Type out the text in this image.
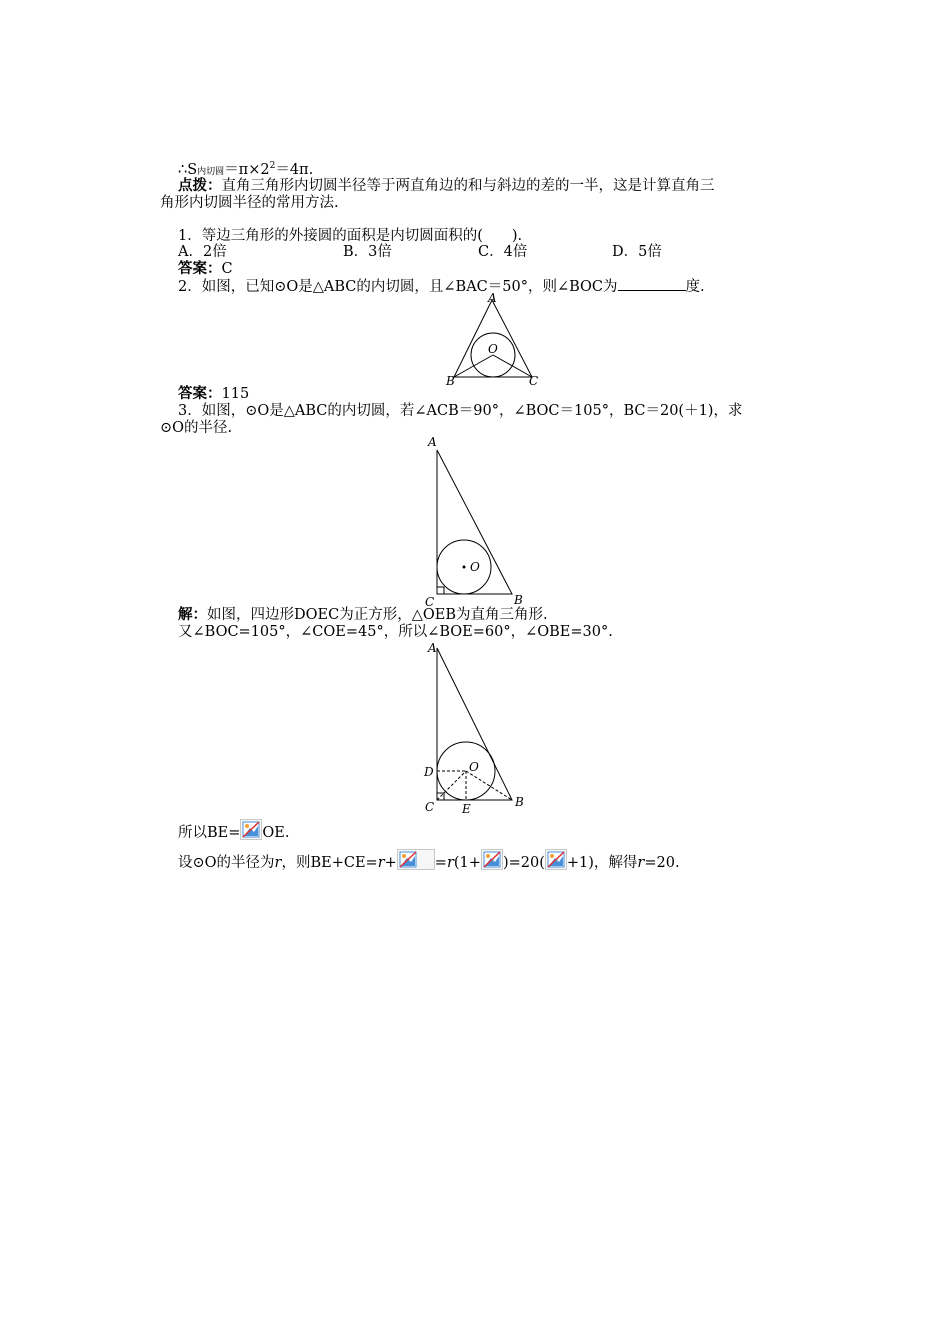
∴S内切圆$=\pi\times 2^2=4\pi$.
点拨：直角三角形内切圆半径等于两直角边的和与斜边的差的一半，这是计算直角三
角形内切圆半径的常用方法.
1．等边三角形的外接圆的面积是内切圆面积的(　　).
A．2倍	B．3倍	C．4倍	D．5倍
答案：C
2．如图，已知⊙O是△ABC的内切圆，且∠BAC＝50°，则∠BOC为	度.
A
B	C
O
答案：115
3．如图，⊙O是△ABC的内切圆，若∠ACB＝90°，∠BOC＝105°，BC＝20(＋1)，求
⊙O的半径.
A
C	B
O
解：如图，四边形DOEC为正方形，△OEB为直角三角形.
又∠BOC=105°，∠COE=45°，所以∠BOE=60°，∠OBE=30°.
A
D
C E	B
O
所以BE= OE.
设⊙O的半径为r，则BE+CE=r+	=r(1+ )=20( +1)，解得r=20.
